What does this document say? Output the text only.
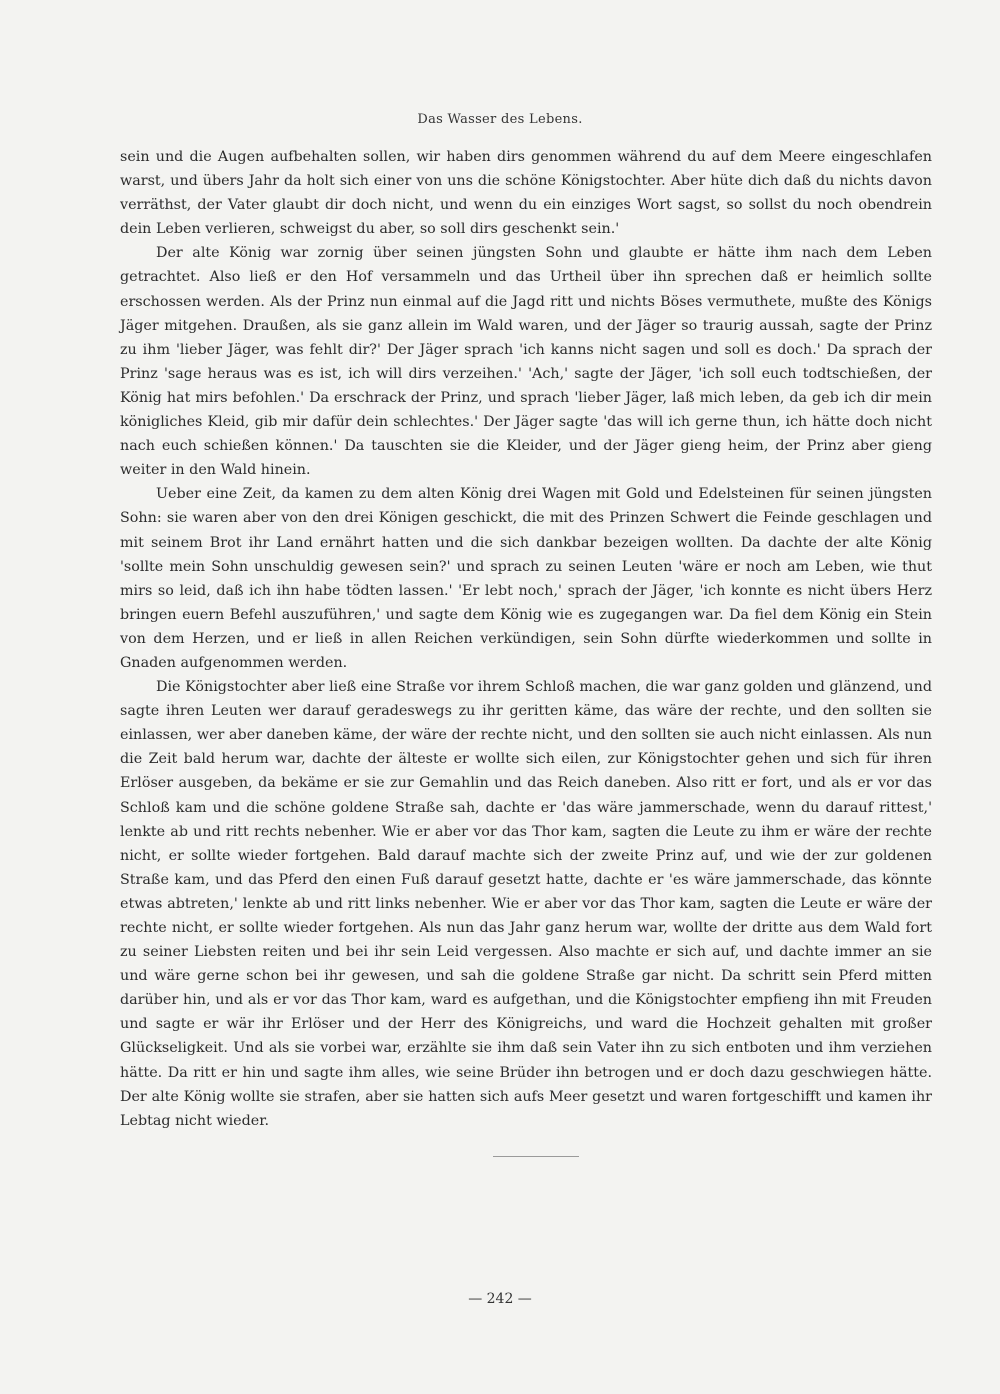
Das Wasser des Lebens.

sein und die Augen aufbehalten sollen, wir haben dirs genommen während du auf dem Meere eingeschlafen warst, und übers Jahr da holt sich einer von uns die schöne Königstochter. Aber hüte dich daß du nichts davon verräthst, der Vater glaubt dir doch nicht, und wenn du ein einziges Wort sagst, so sollst du noch obendrein dein Leben verlieren, schweigst du aber, so soll dirs geschenkt sein.'

Der alte König war zornig über seinen jüngsten Sohn und glaubte er hätte ihm nach dem Leben getrachtet. Also ließ er den Hof versammeln und das Urtheil über ihn sprechen daß er heimlich sollte erschossen werden. Als der Prinz nun einmal auf die Jagd ritt und nichts Böses vermuthete, mußte des Königs Jäger mitgehen. Draußen, als sie ganz allein im Wald waren, und der Jäger so traurig aussah, sagte der Prinz zu ihm 'lieber Jäger, was fehlt dir?' Der Jäger sprach 'ich kanns nicht sagen und soll es doch.' Da sprach der Prinz 'sage heraus was es ist, ich will dirs verzeihen.' 'Ach,' sagte der Jäger, 'ich soll euch todtschießen, der König hat mirs befohlen.' Da erschrack der Prinz, und sprach 'lieber Jäger, laß mich leben, da geb ich dir mein königliches Kleid, gib mir dafür dein schlechtes.' Der Jäger sagte 'das will ich gerne thun, ich hätte doch nicht nach euch schießen können.' Da tauschten sie die Kleider, und der Jäger gieng heim, der Prinz aber gieng weiter in den Wald hinein.

Ueber eine Zeit, da kamen zu dem alten König drei Wagen mit Gold und Edelsteinen für seinen jüngsten Sohn: sie waren aber von den drei Königen geschickt, die mit des Prinzen Schwert die Feinde geschlagen und mit seinem Brot ihr Land ernährt hatten und die sich dankbar bezeigen wollten. Da dachte der alte König 'sollte mein Sohn unschuldig gewesen sein?' und sprach zu seinen Leuten 'wäre er noch am Leben, wie thut mirs so leid, daß ich ihn habe tödten lassen.' 'Er lebt noch,' sprach der Jäger, 'ich konnte es nicht übers Herz bringen euern Befehl auszuführen,' und sagte dem König wie es zugegangen war. Da fiel dem König ein Stein von dem Herzen, und er ließ in allen Reichen verkündigen, sein Sohn dürfte wiederkommen und sollte in Gnaden aufgenommen werden.

Die Königstochter aber ließ eine Straße vor ihrem Schloß machen, die war ganz golden und glänzend, und sagte ihren Leuten wer darauf geradeswegs zu ihr geritten käme, das wäre der rechte, und den sollten sie einlassen, wer aber daneben käme, der wäre der rechte nicht, und den sollten sie auch nicht einlassen. Als nun die Zeit bald herum war, dachte der älteste er wollte sich eilen, zur Königstochter gehen und sich für ihren Erlöser ausgeben, da bekäme er sie zur Gemahlin und das Reich daneben. Also ritt er fort, und als er vor das Schloß kam und die schöne goldene Straße sah, dachte er 'das wäre jammerschade, wenn du darauf rittest,' lenkte ab und ritt rechts nebenher. Wie er aber vor das Thor kam, sagten die Leute zu ihm er wäre der rechte nicht, er sollte wieder fortgehen. Bald darauf machte sich der zweite Prinz auf, und wie der zur goldenen Straße kam, und das Pferd den einen Fuß darauf gesetzt hatte, dachte er 'es wäre jammerschade, das könnte etwas abtreten,' lenkte ab und ritt links nebenher. Wie er aber vor das Thor kam, sagten die Leute er wäre der rechte nicht, er sollte wieder fortgehen. Als nun das Jahr ganz herum war, wollte der dritte aus dem Wald fort zu seiner Liebsten reiten und bei ihr sein Leid vergessen. Also machte er sich auf, und dachte immer an sie und wäre gerne schon bei ihr gewesen, und sah die goldene Straße gar nicht. Da schritt sein Pferd mitten darüber hin, und als er vor das Thor kam, ward es aufgethan, und die Königstochter empfieng ihn mit Freuden und sagte er wär ihr Erlöser und der Herr des Königreichs, und ward die Hochzeit gehalten mit großer Glückseligkeit. Und als sie vorbei war, erzählte sie ihm daß sein Vater ihn zu sich entboten und ihm verziehen hätte. Da ritt er hin und sagte ihm alles, wie seine Brüder ihn betrogen und er doch dazu geschwiegen hätte. Der alte König wollte sie strafen, aber sie hatten sich aufs Meer gesetzt und waren fortgeschifft und kamen ihr Lebtag nicht wieder.

— 242 —
